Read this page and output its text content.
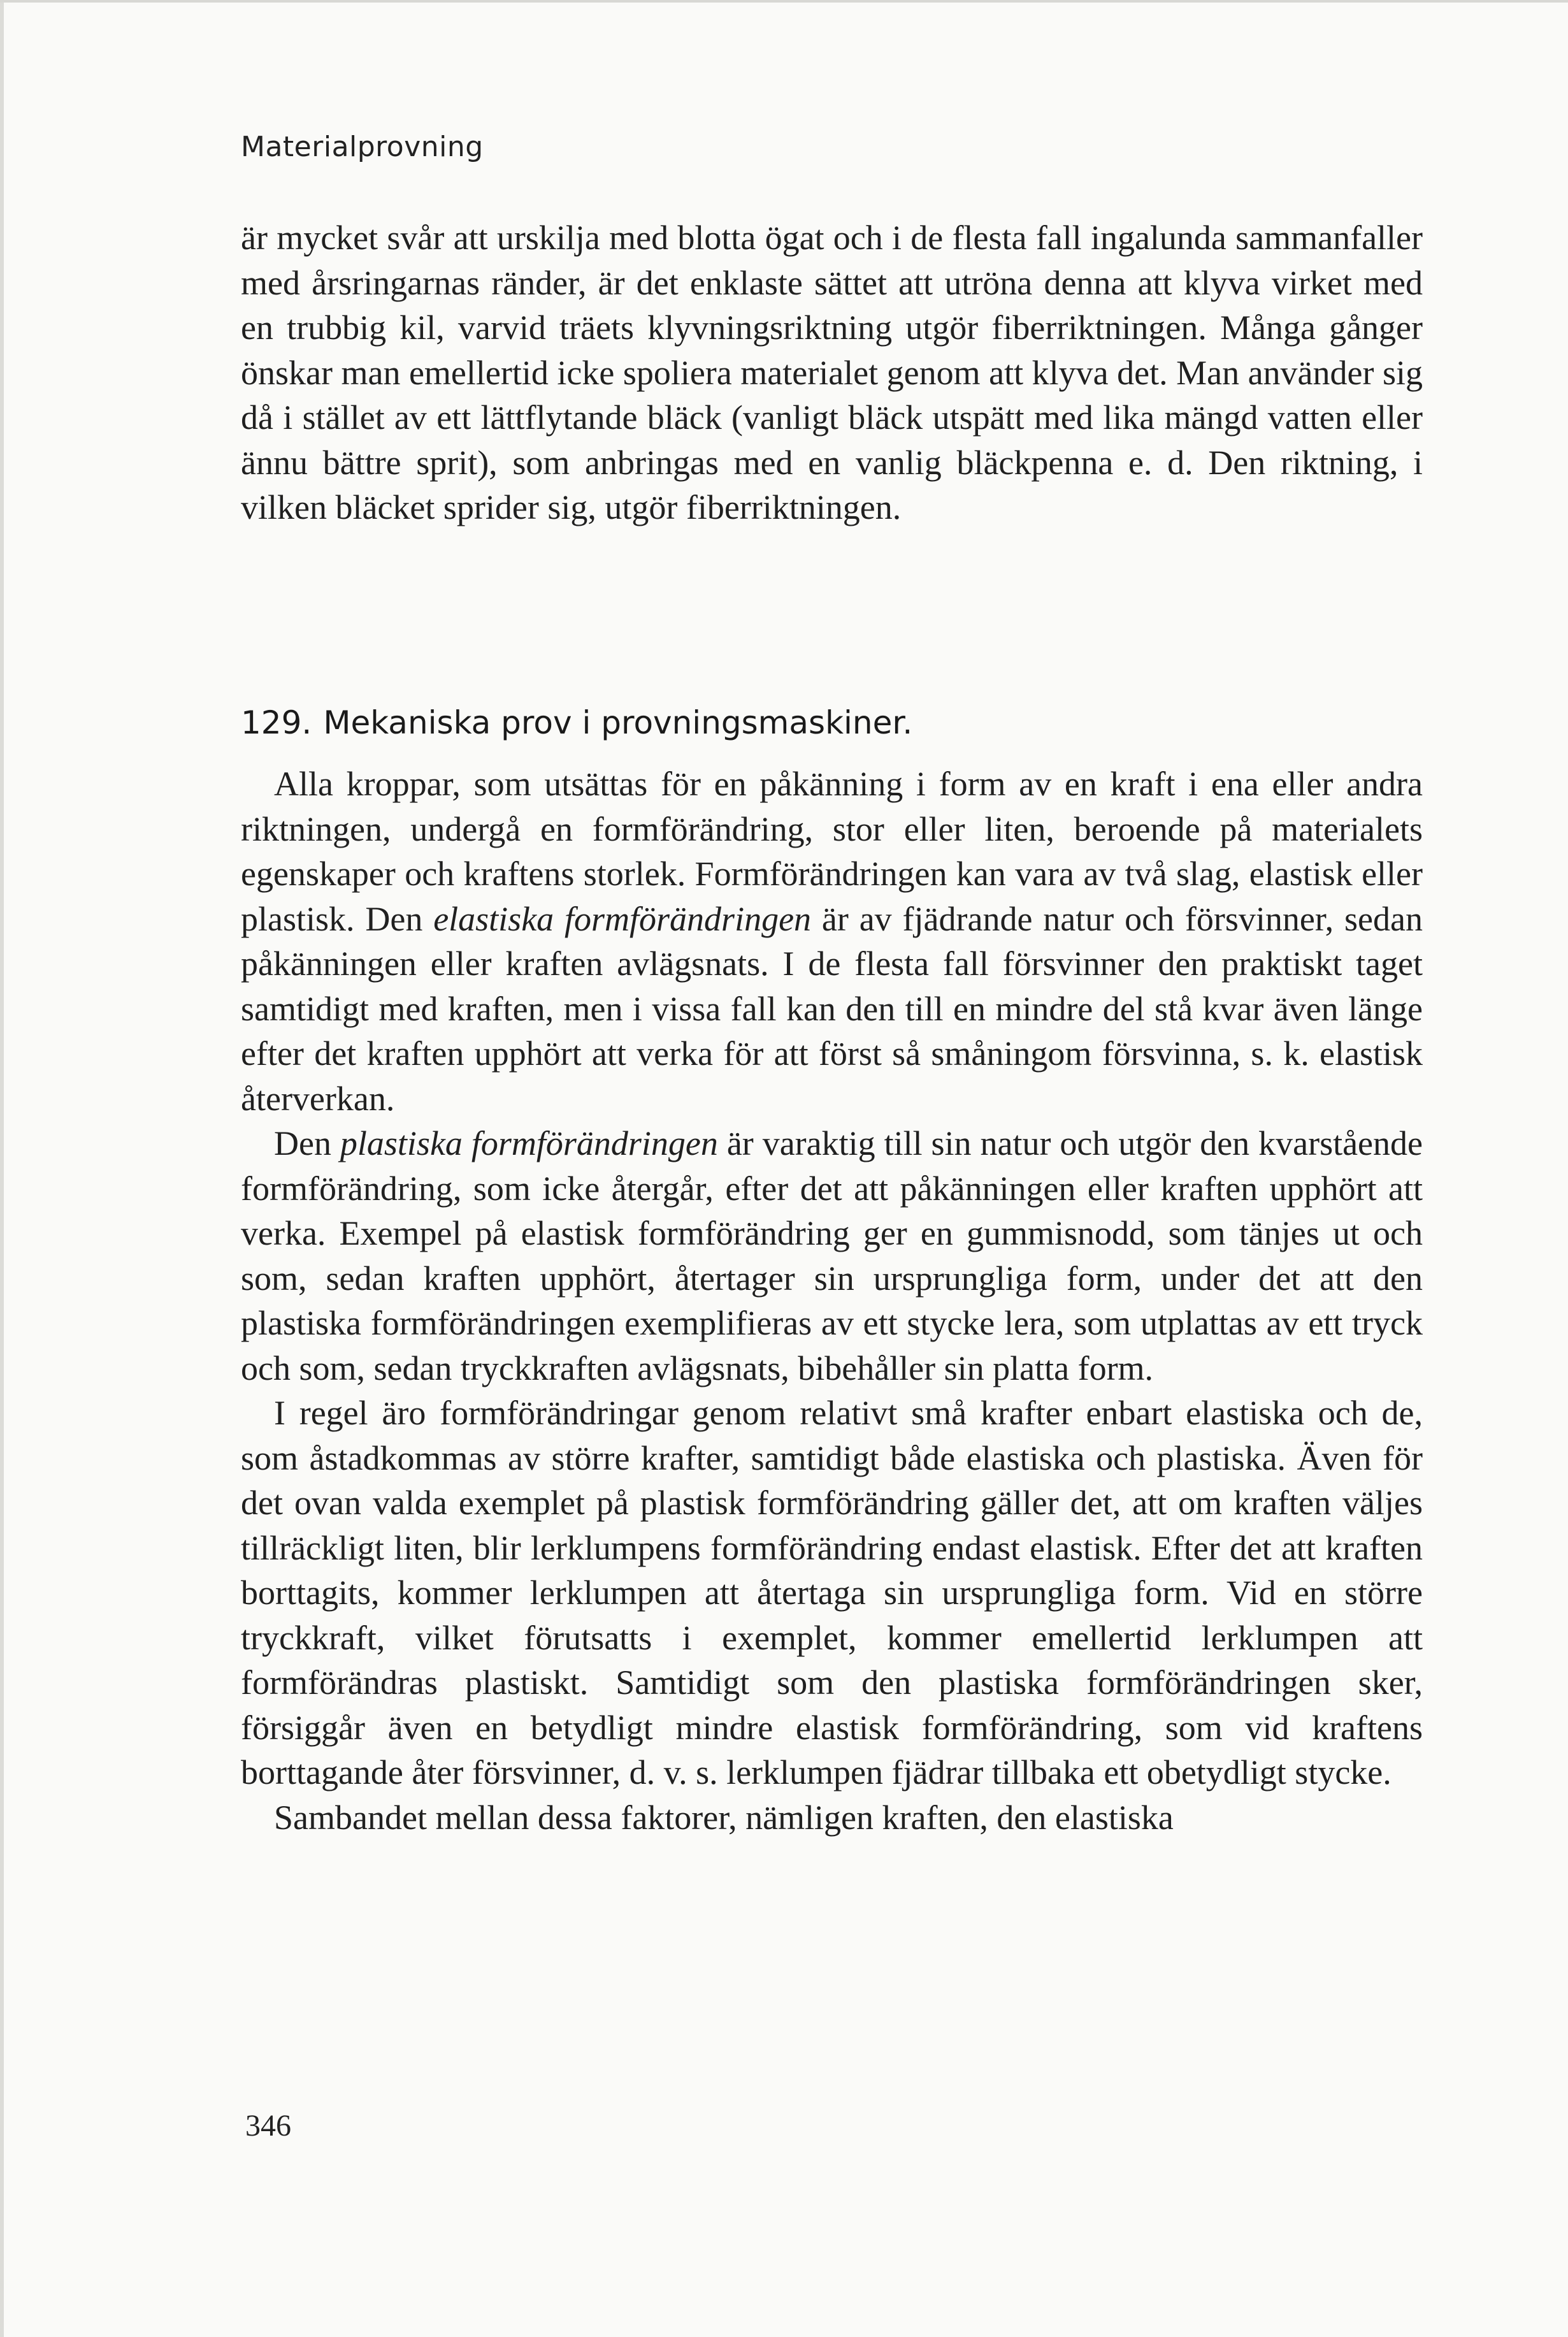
Materialprovning

är mycket svår att urskilja med blotta ögat och i de flesta fall ingalunda sammanfaller med årsringarnas ränder, är det enklaste sättet att utröna denna att klyva virket med en trubbig kil, varvid träets klyvningsriktning utgör fiberriktningen. Många gånger önskar man emellertid icke spoliera materialet genom att klyva det. Man använder sig då i stället av ett lättflytande bläck (vanligt bläck utspätt med lika mängd vatten eller ännu bättre sprit), som anbringas med en vanlig bläckpenna e. d. Den riktning, i vilken bläcket sprider sig, utgör fiberriktningen.

129. Mekaniska prov i provningsmaskiner.

Alla kroppar, som utsättas för en påkänning i form av en kraft i ena eller andra riktningen, undergå en formförändring, stor eller liten, beroende på materialets egenskaper och kraftens storlek. Formförändringen kan vara av två slag, elastisk eller plastisk. Den elastiska formförändringen är av fjädrande natur och försvinner, sedan påkänningen eller kraften avlägsnats. I de flesta fall försvinner den praktiskt taget samtidigt med kraften, men i vissa fall kan den till en mindre del stå kvar även länge efter det kraften upphört att verka för att först så småningom försvinna, s. k. elastisk återverkan.

Den plastiska formförändringen är varaktig till sin natur och utgör den kvarstående formförändring, som icke återgår, efter det att påkänningen eller kraften upphört att verka. Exempel på elastisk formförändring ger en gummisnodd, som tänjes ut och som, sedan kraften upphört, återtager sin ursprungliga form, under det att den plastiska formförändringen exemplifieras av ett stycke lera, som utplattas av ett tryck och som, sedan tryckkraften avlägsnats, bibehåller sin platta form.

I regel äro formförändringar genom relativt små krafter enbart elastiska och de, som åstadkommas av större krafter, samtidigt både elastiska och plastiska. Även för det ovan valda exemplet på plastisk formförändring gäller det, att om kraften väljes tillräckligt liten, blir lerklumpens formförändring endast elastisk. Efter det att kraften borttagits, kommer lerklumpen att återtaga sin ursprungliga form. Vid en större tryckkraft, vilket förutsatts i exemplet, kommer emellertid lerklumpen att formförändras plastiskt. Samtidigt som den plastiska formförändringen sker, försiggår även en betydligt mindre elastisk formförändring, som vid kraftens borttagande åter försvinner, d. v. s. lerklumpen fjädrar tillbaka ett obetydligt stycke.

Sambandet mellan dessa faktorer, nämligen kraften, den elastiska

346
